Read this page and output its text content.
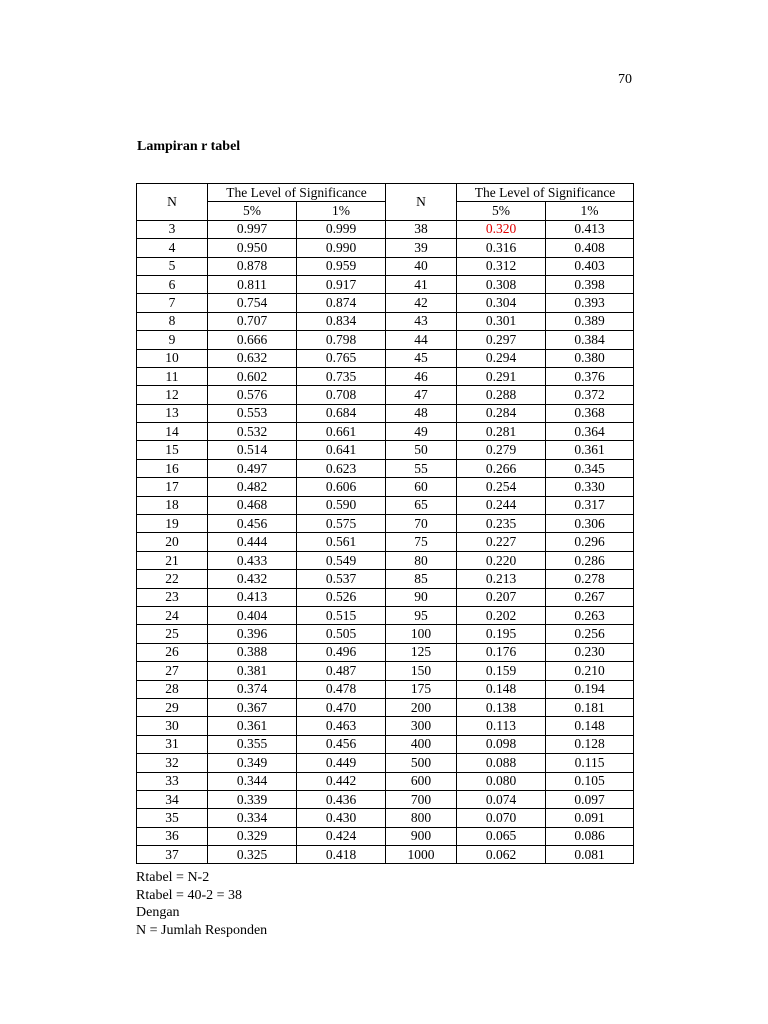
70
Lampiran r tabel
N	The Level of Significance		N	The Level of Significance	
	5%	1%		5%	1%
3	0.997	0.999	38	0.320	0.413
4	0.950	0.990	39	0.316	0.408
5	0.878	0.959	40	0.312	0.403
6	0.811	0.917	41	0.308	0.398
7	0.754	0.874	42	0.304	0.393
8	0.707	0.834	43	0.301	0.389
9	0.666	0.798	44	0.297	0.384
10	0.632	0.765	45	0.294	0.380
11	0.602	0.735	46	0.291	0.376
12	0.576	0.708	47	0.288	0.372
13	0.553	0.684	48	0.284	0.368
14	0.532	0.661	49	0.281	0.364
15	0.514	0.641	50	0.279	0.361
16	0.497	0.623	55	0.266	0.345
17	0.482	0.606	60	0.254	0.330
18	0.468	0.590	65	0.244	0.317
19	0.456	0.575	70	0.235	0.306
20	0.444	0.561	75	0.227	0.296
21	0.433	0.549	80	0.220	0.286
22	0.432	0.537	85	0.213	0.278
23	0.413	0.526	90	0.207	0.267
24	0.404	0.515	95	0.202	0.263
25	0.396	0.505	100	0.195	0.256
26	0.388	0.496	125	0.176	0.230
27	0.381	0.487	150	0.159	0.210
28	0.374	0.478	175	0.148	0.194
29	0.367	0.470	200	0.138	0.181
30	0.361	0.463	300	0.113	0.148
31	0.355	0.456	400	0.098	0.128
32	0.349	0.449	500	0.088	0.115
33	0.344	0.442	600	0.080	0.105
34	0.339	0.436	700	0.074	0.097
35	0.334	0.430	800	0.070	0.091
36	0.329	0.424	900	0.065	0.086
37	0.325	0.418	1000	0.062	0.081
Rtabel = N-2
Rtabel = 40-2 = 38
Dengan
N = Jumlah Responden
